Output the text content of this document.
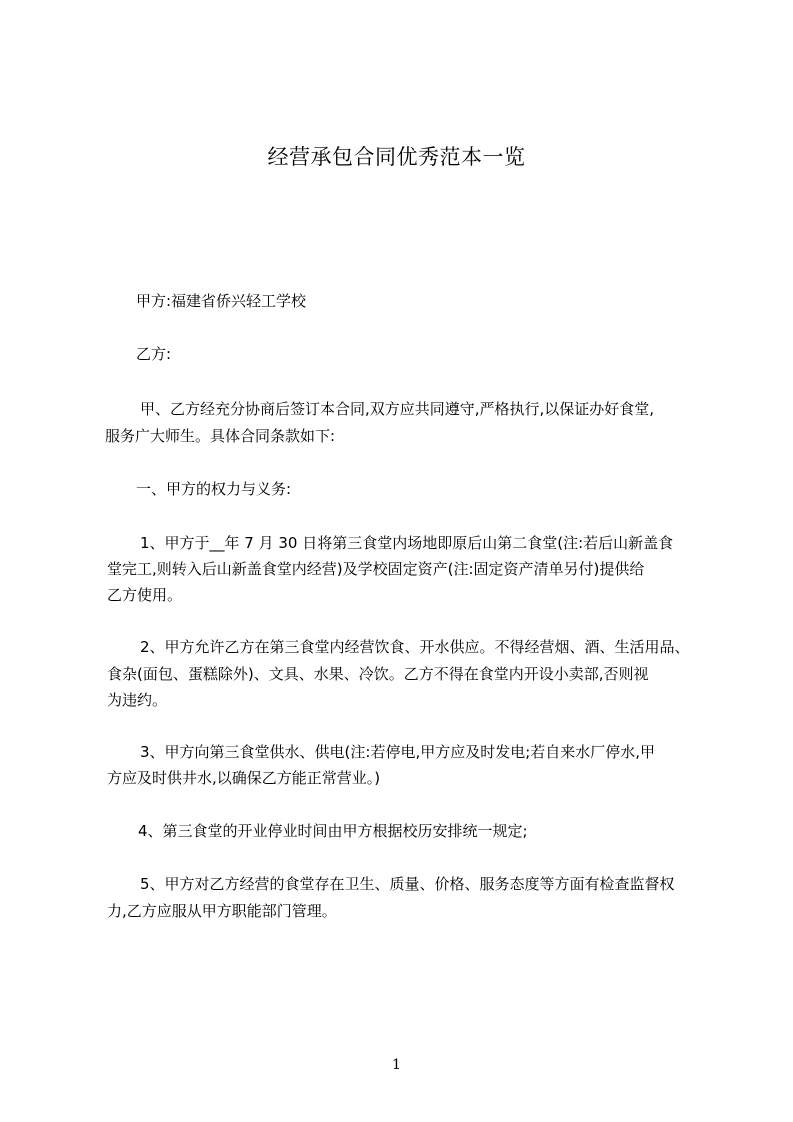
经营承包合同优秀范本一览
甲方:福建省侨兴轻工学校
乙方:
甲、乙方经充分协商后签订本合同,双方应共同遵守,严格执行,以保证办好食堂,
服务广大师生。具体合同条款如下:
一、甲方的权力与义务:
1、甲方于__年 7 月 30 日将第三食堂内场地即原后山第二食堂(注:若后山新盖食
堂完工,则转入后山新盖食堂内经营)及学校固定资产(注:固定资产清单另付)提供给
乙方使用。
2、甲方允许乙方在第三食堂内经营饮食、开水供应。不得经营烟、酒、生活用品、
食杂(面包、蛋糕除外)、文具、水果、冷饮。乙方不得在食堂内开设小卖部,否则视
为违约。
3、甲方向第三食堂供水、供电(注:若停电,甲方应及时发电;若自来水厂停水,甲
方应及时供井水,以确保乙方能正常营业。)
4、第三食堂的开业停业时间由甲方根据校历安排统一规定;
5、甲方对乙方经营的食堂存在卫生、质量、价格、服务态度等方面有检查监督权
力,乙方应服从甲方职能部门管理。
1
